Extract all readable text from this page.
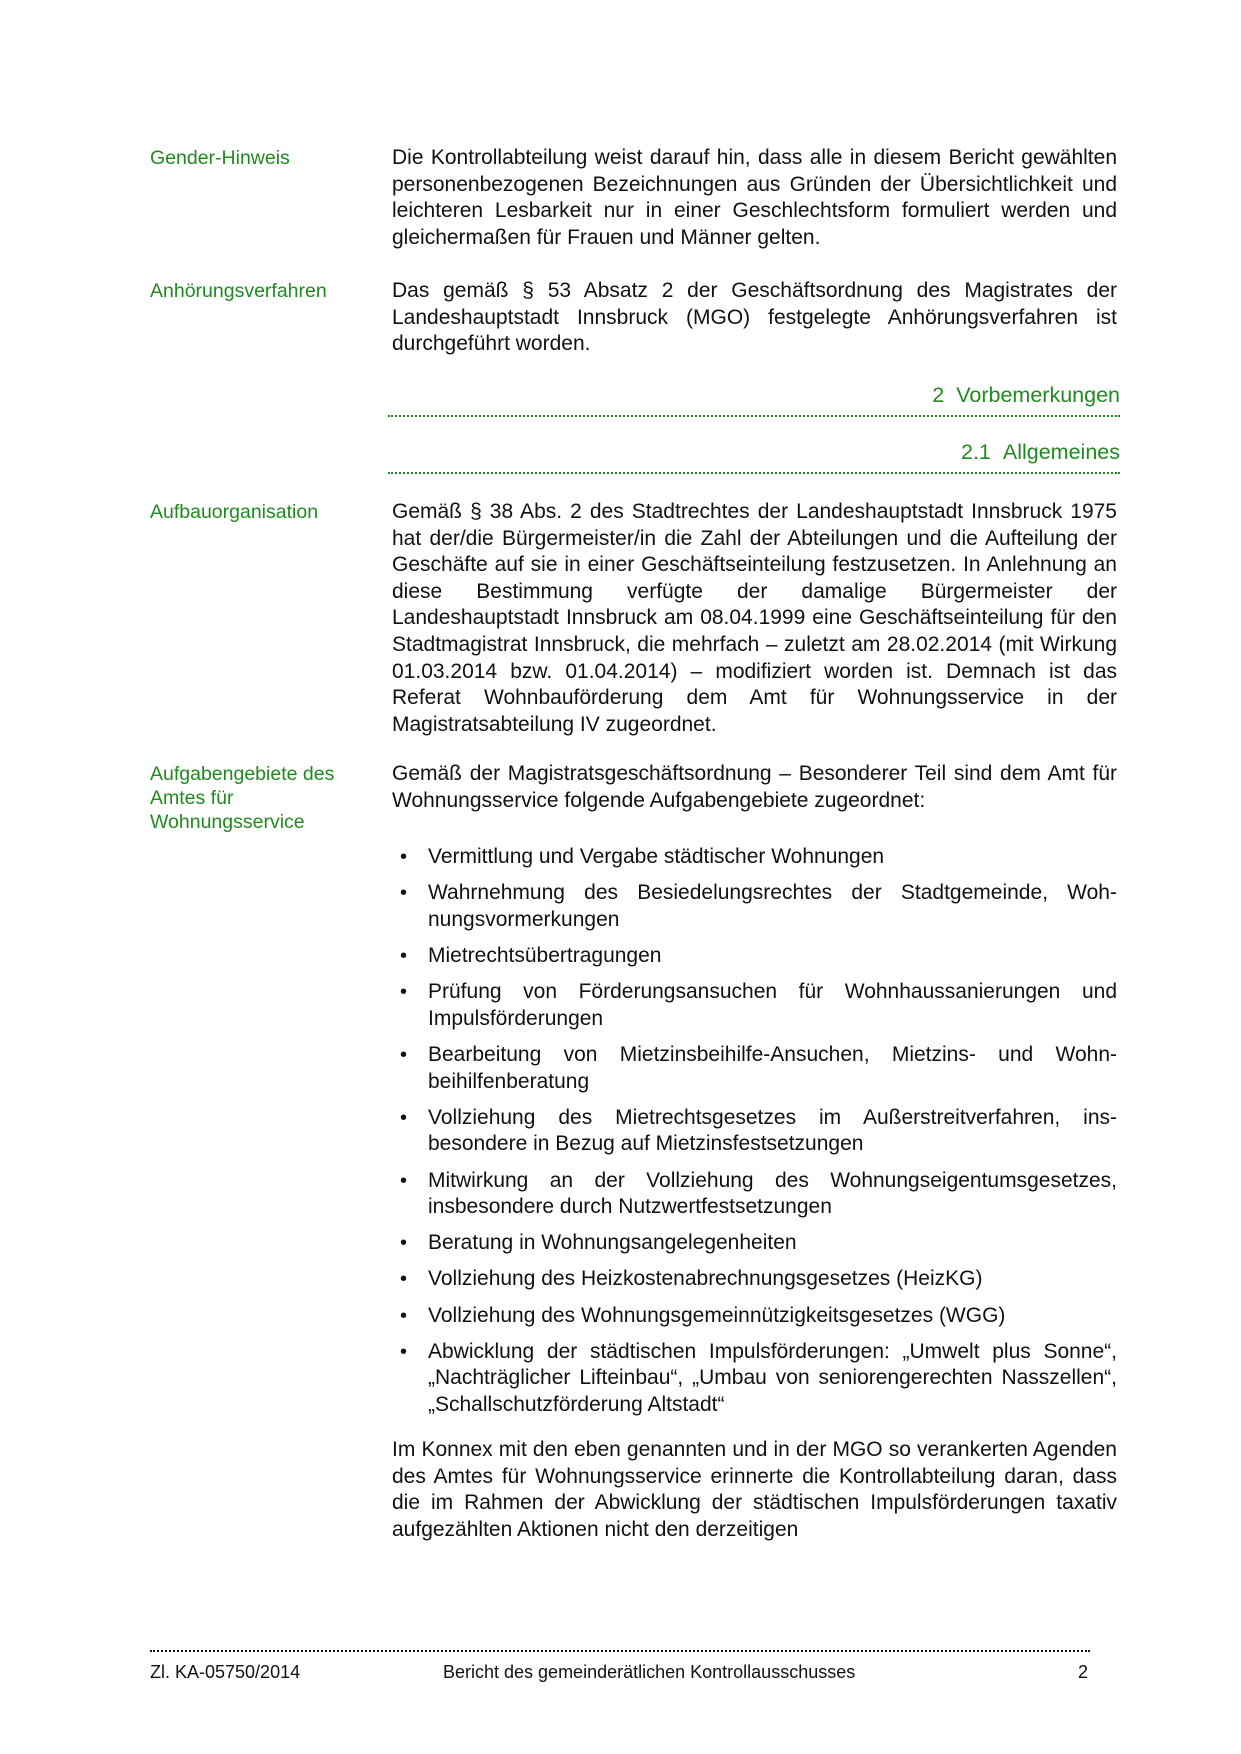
Gender-Hinweis	Die Kontrollabteilung weist darauf hin, dass alle in diesem Bericht gewählten personenbezogenen Bezeichnungen aus Gründen der Übersichtlichkeit und leichteren Lesbarkeit nur in einer Geschlechtsform formuliert werden und gleichermaßen für Frauen und Männer gelten.
Anhörungsverfahren	Das gemäß § 53 Absatz 2 der Geschäftsordnung des Magistrates der Landeshauptstadt Innsbruck (MGO) festgelegte Anhörungsverfahren ist durchgeführt worden.
2 Vorbemerkungen
2.1 Allgemeines
Aufbauorganisation	Gemäß § 38 Abs. 2 des Stadtrechtes der Landeshauptstadt Innsbruck 1975 hat der/die Bürgermeister/in die Zahl der Abteilungen und die Aufteilung der Geschäfte auf sie in einer Geschäftseinteilung festzusetzen. In Anlehnung an diese Bestimmung verfügte der damalige Bürgermeister der Landeshauptstadt Innsbruck am 08.04.1999 eine Geschäftseinteilung für den Stadtmagistrat Innsbruck, die mehrfach – zuletzt am 28.02.2014 (mit Wirkung 01.03.2014 bzw. 01.04.2014) – modifiziert worden ist. Demnach ist das Referat Wohnbauförderung dem Amt für Wohnungsservice in der Magistratsabteilung IV zugeordnet.
Aufgabengebiete des Amtes für Wohnungsservice
Gemäß der Magistratsgeschäftsordnung – Besonderer Teil sind dem Amt für Wohnungsservice folgende Aufgabengebiete zugeordnet:
• Vermittlung und Vergabe städtischer Wohnungen
• Wahrnehmung des Besiedelungsrechtes der Stadtgemeinde, Wohnungsvormerkungen
• Mietrechtsübertragungen
• Prüfung von Förderungsansuchen für Wohnhaussanierungen und Impulsförderungen
• Bearbeitung von Mietzinsbeihilfe-Ansuchen, Mietzins- und Wohnbeihilfenberatung
• Vollziehung des Mietrechtsgesetzes im Außerstreitverfahren, insbesondere in Bezug auf Mietzinsfestsetzungen
• Mitwirkung an der Vollziehung des Wohnungseigentumsgesetzes, insbesondere durch Nutzwertfestsetzungen
• Beratung in Wohnungsangelegenheiten
• Vollziehung des Heizkostenabrechnungsgesetzes (HeizKG)
• Vollziehung des Wohnungsgemeinnützigkeitsgesetzes (WGG)
• Abwicklung der städtischen Impulsförderungen: „Umwelt plus Sonne“, „Nachträglicher Lifteinbau“, „Umbau von seniorengerechten Nasszellen“, „Schallschutzförderung Altstadt“
Im Konnex mit den eben genannten und in der MGO so verankerten Agenden des Amtes für Wohnungsservice erinnerte die Kontrollabteilung daran, dass die im Rahmen der Abwicklung der städtischen Impulsförderungen taxativ aufgezählten Aktionen nicht den derzeitigen
Zl. KA-05750/2014	Bericht des gemeinderätlichen Kontrollausschusses	2
